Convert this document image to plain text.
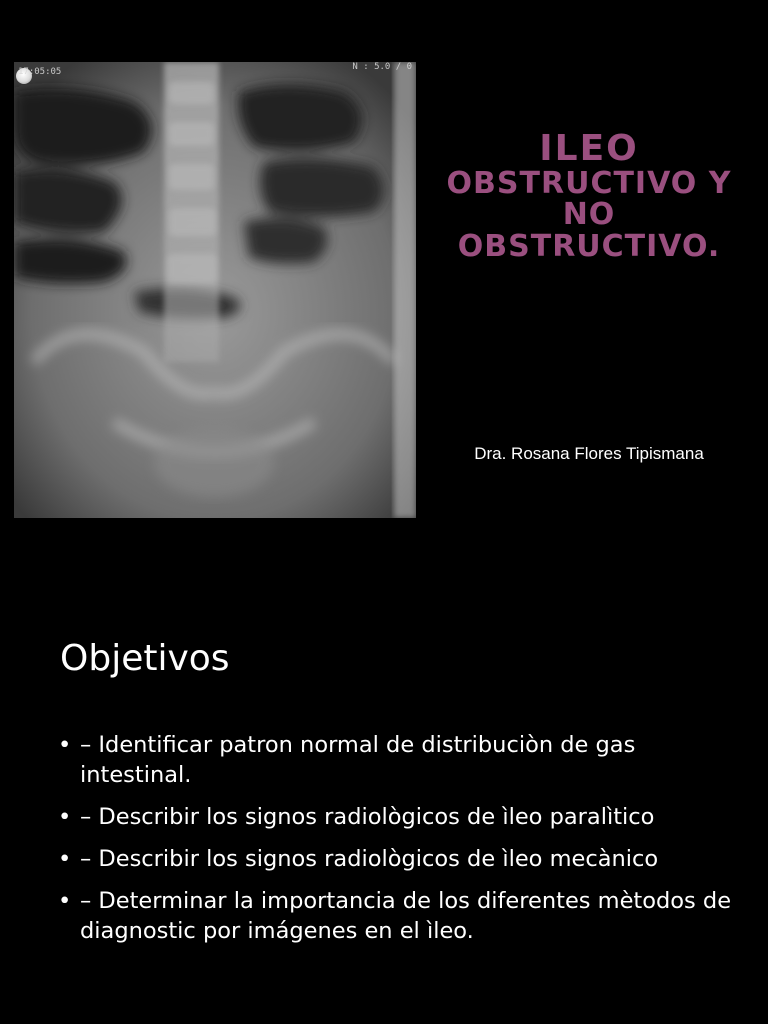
17:05:05	N : 5.0 / 0
ILEO
OBSTRUCTIVO Y
NO
OBSTRUCTIVO.
Dra. Rosana Flores Tipismana
Objetivos
• – Identificar patron normal de distribuciòn de gas intestinal.
• – Describir los signos radiològicos de ìleo paralìtico
• – Describir los signos radiològicos de ìleo mecànico
• – Determinar la importancia de los diferentes mètodos de diagnostic por imágenes en el ìleo.
